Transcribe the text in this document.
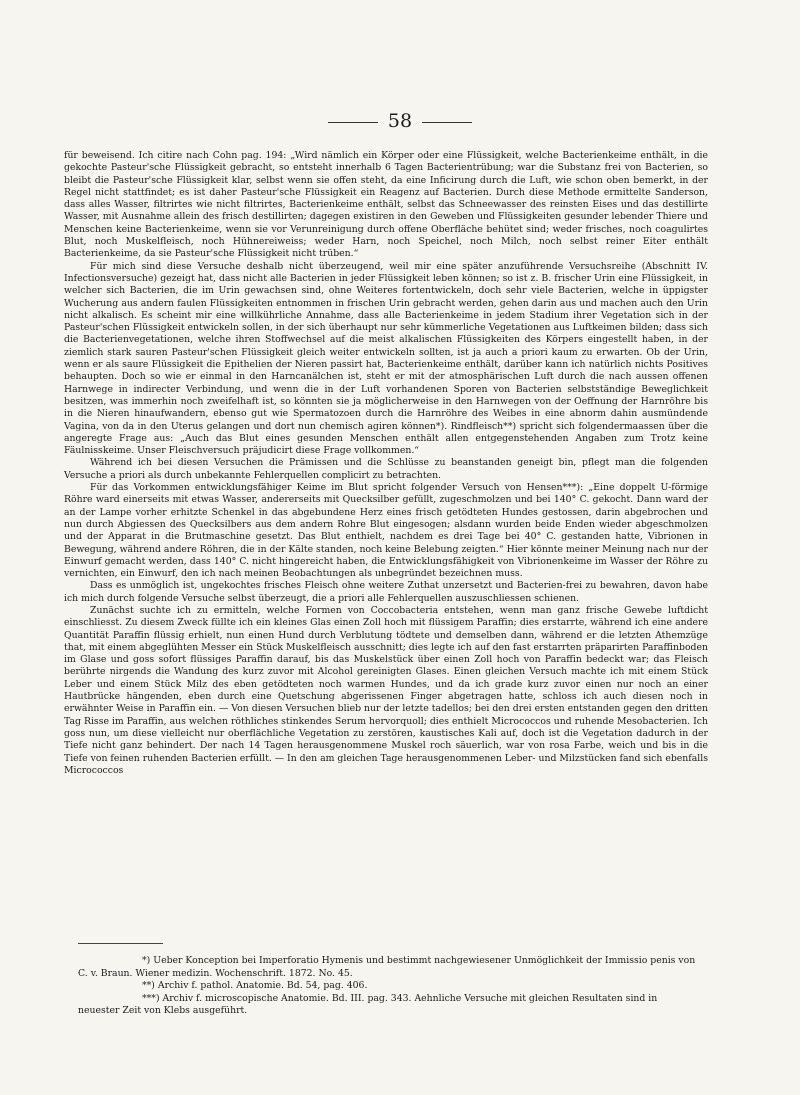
58

für beweisend. Ich citire nach Cohn pag. 194: „Wird nämlich ein Körper oder eine Flüssigkeit, welche Bacterienkeime enthält, in die gekochte Pasteur'sche Flüssigkeit gebracht, so entsteht innerhalb 6 Tagen Bacterientrübung; war die Substanz frei von Bacterien, so bleibt die Pasteur'sche Flüssigkeit klar, selbst wenn sie offen steht, da eine Inficirung durch die Luft, wie schon oben bemerkt, in der Regel nicht stattfindet; es ist daher Pasteur'sche Flüssigkeit ein Reagenz auf Bacterien. Durch diese Methode ermittelte Sanderson, dass alles Wasser, filtrirtes wie nicht filtrirtes, Bacterienkeime enthält, selbst das Schneewasser des reinsten Eises und das destillirte Wasser, mit Ausnahme allein des frisch destillirten; dagegen existiren in den Geweben und Flüssigkeiten gesunder lebender Thiere und Menschen keine Bacterienkeime, wenn sie vor Verunreinigung durch offene Oberfläche behütet sind; weder frisches, noch coagulirtes Blut, noch Muskelfleisch, noch Hühnereiweiss; weder Harn, noch Speichel, noch Milch, noch selbst reiner Eiter enthält Bacterienkeime, da sie Pasteur'sche Flüssigkeit nicht trüben.“

Für mich sind diese Versuche deshalb nicht überzeugend, weil mir eine später anzuführende Versuchsreihe (Abschnitt IV. Infectionsversuche) gezeigt hat, dass nicht alle Bacterien in jeder Flüssigkeit leben können; so ist z. B. frischer Urin eine Flüssigkeit, in welcher sich Bacterien, die im Urin gewachsen sind, ohne Weiteres fortentwickeln, doch sehr viele Bacterien, welche in üppigster Wucherung aus andern faulen Flüssigkeiten entnommen in frischen Urin gebracht werden, gehen darin aus und machen auch den Urin nicht alkalisch. Es scheint mir eine willkührliche Annahme, dass alle Bacterienkeime in jedem Stadium ihrer Vegetation sich in der Pasteur'schen Flüssigkeit entwickeln sollen, in der sich überhaupt nur sehr kümmerliche Vegetationen aus Luftkeimen bilden; dass sich die Bacterienvegetationen, welche ihren Stoffwechsel auf die meist alkalischen Flüssigkeiten des Körpers eingestellt haben, in der ziemlich stark sauren Pasteur'schen Flüssigkeit gleich weiter entwickeln sollten, ist ja auch a priori kaum zu erwarten. Ob der Urin, wenn er als saure Flüssigkeit die Epithelien der Nieren passirt hat, Bacterienkeime enthält, darüber kann ich natürlich nichts Positives behaupten. Doch so wie er einmal in den Harncanälchen ist, steht er mit der atmosphärischen Luft durch die nach aussen offenen Harnwege in indirecter Verbindung, und wenn die in der Luft vorhandenen Sporen von Bacterien selbstständige Beweglichkeit besitzen, was immerhin noch zweifelhaft ist, so könnten sie ja möglicherweise in den Harnwegen von der Oeffnung der Harnröhre bis in die Nieren hinaufwandern, ebenso gut wie Spermatozoen durch die Harnröhre des Weibes in eine abnorm dahin ausmündende Vagina, von da in den Uterus gelangen und dort nun chemisch agiren können*). Rindfleisch**) spricht sich folgendermaassen über die angeregte Frage aus: „Auch das Blut eines gesunden Menschen enthält allen entgegenstehenden Angaben zum Trotz keine Fäulnisskeime. Unser Fleischversuch präjudicirt diese Frage vollkommen.“

Während ich bei diesen Versuchen die Prämissen und die Schlüsse zu beanstanden geneigt bin, pflegt man die folgenden Versuche a priori als durch unbekannte Fehlerquellen complicirt zu betrachten.

Für das Vorkommen entwicklungsfähiger Keime im Blut spricht folgender Versuch von Hensen***): „Eine doppelt U-förmige Röhre ward einerseits mit etwas Wasser, andererseits mit Quecksilber gefüllt, zugeschmolzen und bei 140° C. gekocht. Dann ward der an der Lampe vorher erhitzte Schenkel in das abgebundene Herz eines frisch getödteten Hundes gestossen, darin abgebrochen und nun durch Abgiessen des Quecksilbers aus dem andern Rohre Blut eingesogen; alsdann wurden beide Enden wieder abgeschmolzen und der Apparat in die Brutmaschine gesetzt. Das Blut enthielt, nachdem es drei Tage bei 40° C. gestanden hatte, Vibrionen in Bewegung, während andere Röhren, die in der Kälte standen, noch keine Belebung zeigten.“ Hier könnte meiner Meinung nach nur der Einwurf gemacht werden, dass 140° C. nicht hingereicht haben, die Entwicklungsfähigkeit von Vibrionenkeime im Wasser der Röhre zu vernichten, ein Einwurf, den ich nach meinen Beobachtungen als unbegründet bezeichnen muss.

Dass es unmöglich ist, ungekochtes frisches Fleisch ohne weitere Zuthat unzersetzt und Bacterien-frei zu bewahren, davon habe ich mich durch folgende Versuche selbst überzeugt, die a priori alle Fehlerquellen auszuschliessen schienen.

Zunächst suchte ich zu ermitteln, welche Formen von Coccobacteria entstehen, wenn man ganz frische Gewebe luftdicht einschliesst. Zu diesem Zweck füllte ich ein kleines Glas einen Zoll hoch mit flüssigem Paraffin; dies erstarrte, während ich eine andere Quantität Paraffin flüssig erhielt, nun einen Hund durch Verblutung tödtete und demselben dann, während er die letzten Athemzüge that, mit einem abgeglühten Messer ein Stück Muskelfleisch ausschnitt; dies legte ich auf den fast erstarrten präparirten Paraffinboden im Glase und goss sofort flüssiges Paraffin darauf, bis das Muskelstück über einen Zoll hoch von Paraffin bedeckt war; das Fleisch berührte nirgends die Wandung des kurz zuvor mit Alcohol gereinigten Glases. Einen gleichen Versuch machte ich mit einem Stück Leber und einem Stück Milz des eben getödteten noch warmen Hundes, und da ich grade kurz zuvor einen nur noch an einer Hautbrücke hängenden, eben durch eine Quetschung abgerissenen Finger abgetragen hatte, schloss ich auch diesen noch in erwähnter Weise in Paraffin ein. — Von diesen Versuchen blieb nur der letzte tadellos; bei den drei ersten entstanden gegen den dritten Tag Risse im Paraffin, aus welchen röthliches stinkendes Serum hervorquoll; dies enthielt Micrococcos und ruhende Mesobacterien. Ich goss nun, um diese vielleicht nur oberflächliche Vegetation zu zerstören, kaustisches Kali auf, doch ist die Vegetation dadurch in der Tiefe nicht ganz behindert. Der nach 14 Tagen herausgenommene Muskel roch säuerlich, war von rosa Farbe, weich und bis in die Tiefe von feinen ruhenden Bacterien erfüllt. — In den am gleichen Tage herausgenommenen Leber- und Milzstücken fand sich ebenfalls Micrococcos

*) Ueber Konception bei Imperforatio Hymenis und bestimmt nachgewiesener Unmöglichkeit der Immissio penis von

C. v. Braun. Wiener medizin. Wochenschrift. 1872. No. 45.

**) Archiv f. pathol. Anatomie. Bd. 54, pag. 406.

***) Archiv f. microscopische Anatomie. Bd. III. pag. 343. Aehnliche Versuche mit gleichen Resultaten sind in

neuester Zeit von Klebs ausgeführt.
